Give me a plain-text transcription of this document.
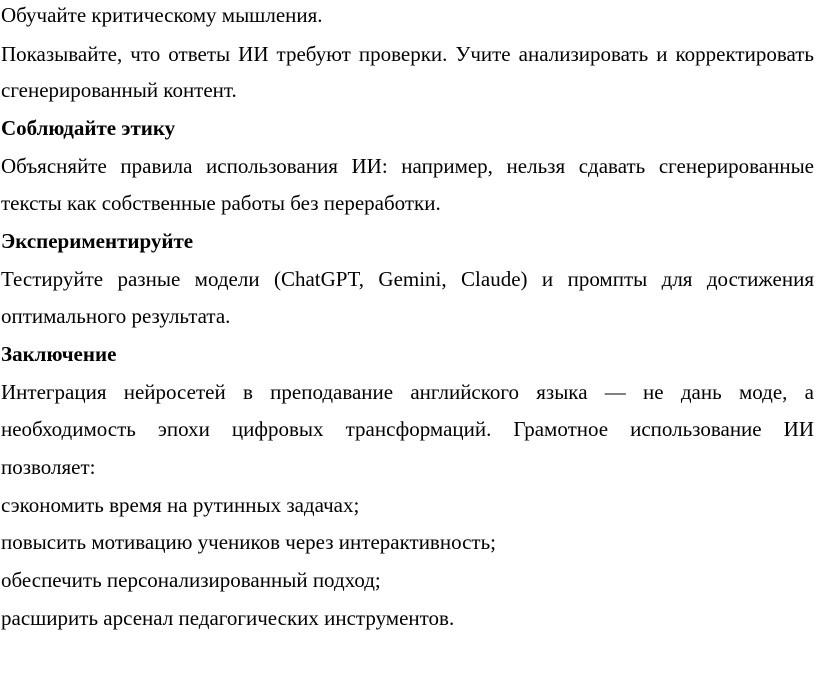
Обучайте критическому мышления.
Показывайте, что ответы ИИ требуют проверки. Учите анализировать и корректировать
сгенерированный контент.
Соблюдайте этику
Объясняйте правила использования ИИ: например, нельзя сдавать сгенерированные
тексты как собственные работы без переработки.
Экспериментируйте
Тестируйте разные модели (ChatGPT, Gemini, Claude) и промпты для достижения
оптимального результата.
Заключение
Интеграция нейросетей в преподавание английского языка — не дань моде, а
необходимость эпохи цифровых трансформаций. Грамотное использование ИИ
позволяет:
сэкономить время на рутинных задачах;
повысить мотивацию учеников через интерактивность;
обеспечить персонализированный подход;
расширить арсенал педагогических инструментов.
